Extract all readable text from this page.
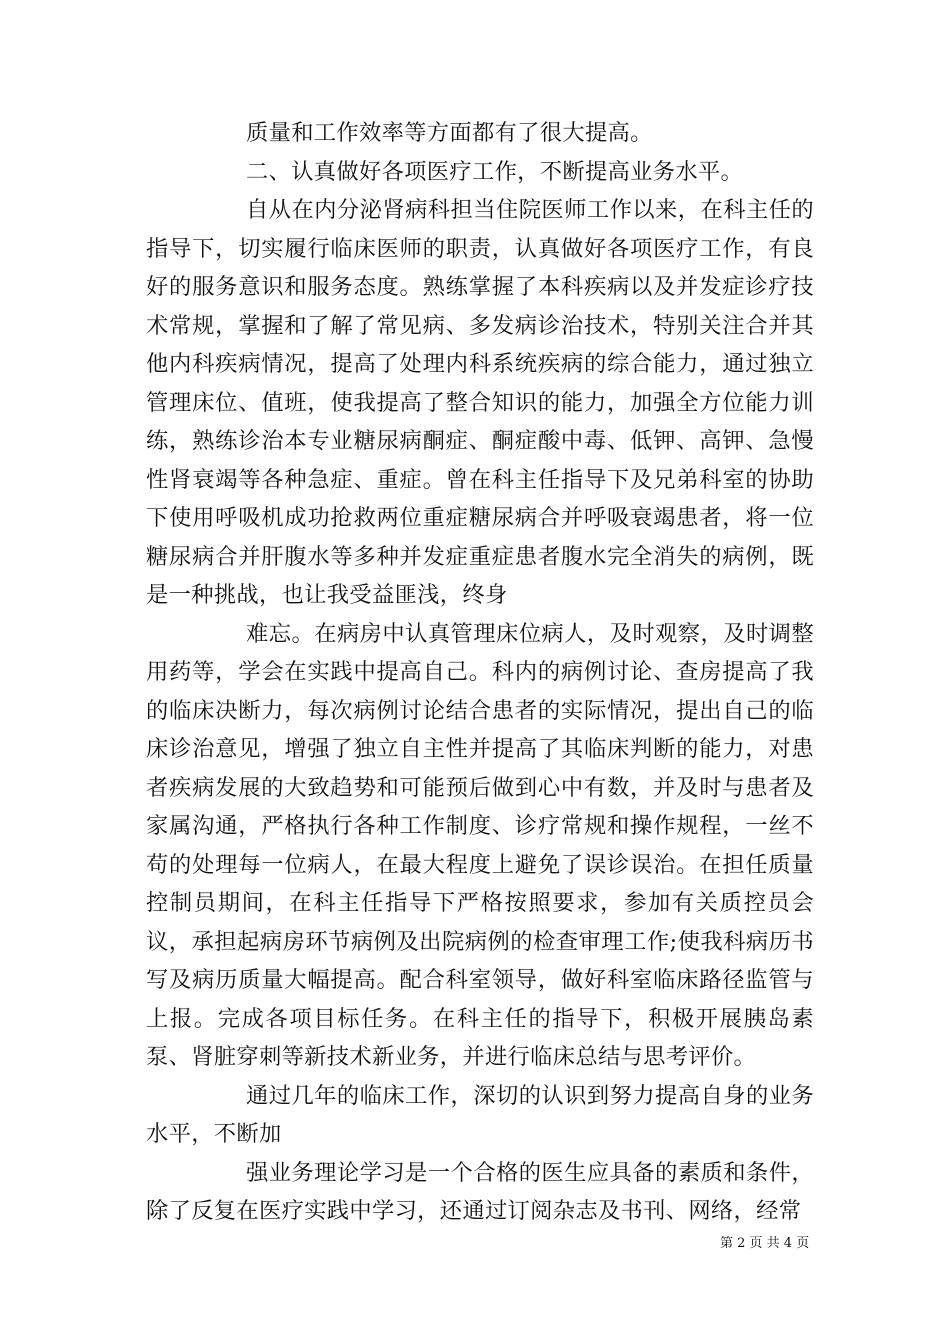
质量和工作效率等方面都有了很大提高。

二、认真做好各项医疗工作，不断提高业务水平。

自从在内分泌肾病科担当住院医师工作以来，在科主任的指导下，切实履行临床医师的职责，认真做好各项医疗工作，有良好的服务意识和服务态度。熟练掌握了本科疾病以及并发症诊疗技术常规，掌握和了解了常见病、多发病诊治技术，特别关注合并其他内科疾病情况，提高了处理内科系统疾病的综合能力，通过独立管理床位、值班，使我提高了整合知识的能力，加强全方位能力训练，熟练诊治本专业糖尿病酮症、酮症酸中毒、低钾、高钾、急慢性肾衰竭等各种急症、重症。曾在科主任指导下及兄弟科室的协助下使用呼吸机成功抢救两位重症糖尿病合并呼吸衰竭患者，将一位糖尿病合并肝腹水等多种并发症重症患者腹水完全消失的病例，既是一种挑战，也让我受益匪浅，终身

难忘。在病房中认真管理床位病人，及时观察，及时调整用药等，学会在实践中提高自己。科内的病例讨论、查房提高了我的临床决断力，每次病例讨论结合患者的实际情况，提出自己的临床诊治意见，增强了独立自主性并提高了其临床判断的能力，对患者疾病发展的大致趋势和可能预后做到心中有数，并及时与患者及家属沟通，严格执行各种工作制度、诊疗常规和操作规程，一丝不苟的处理每一位病人，在最大程度上避免了误诊误治。在担任质量控制员期间，在科主任指导下严格按照要求，参加有关质控员会议，承担起病房环节病例及出院病例的检查审理工作;使我科病历书写及病历质量大幅提高。配合科室领导，做好科室临床路径监管与上报。完成各项目标任务。在科主任的指导下，积极开展胰岛素泵、肾脏穿刺等新技术新业务，并进行临床总结与思考评价。

通过几年的临床工作，深切的认识到努力提高自身的业务水平，不断加

强业务理论学习是一个合格的医生应具备的素质和条件，除了反复在医疗实践中学习，还通过订阅杂志及书刊、网络，经常

第 2 页 共 4 页
